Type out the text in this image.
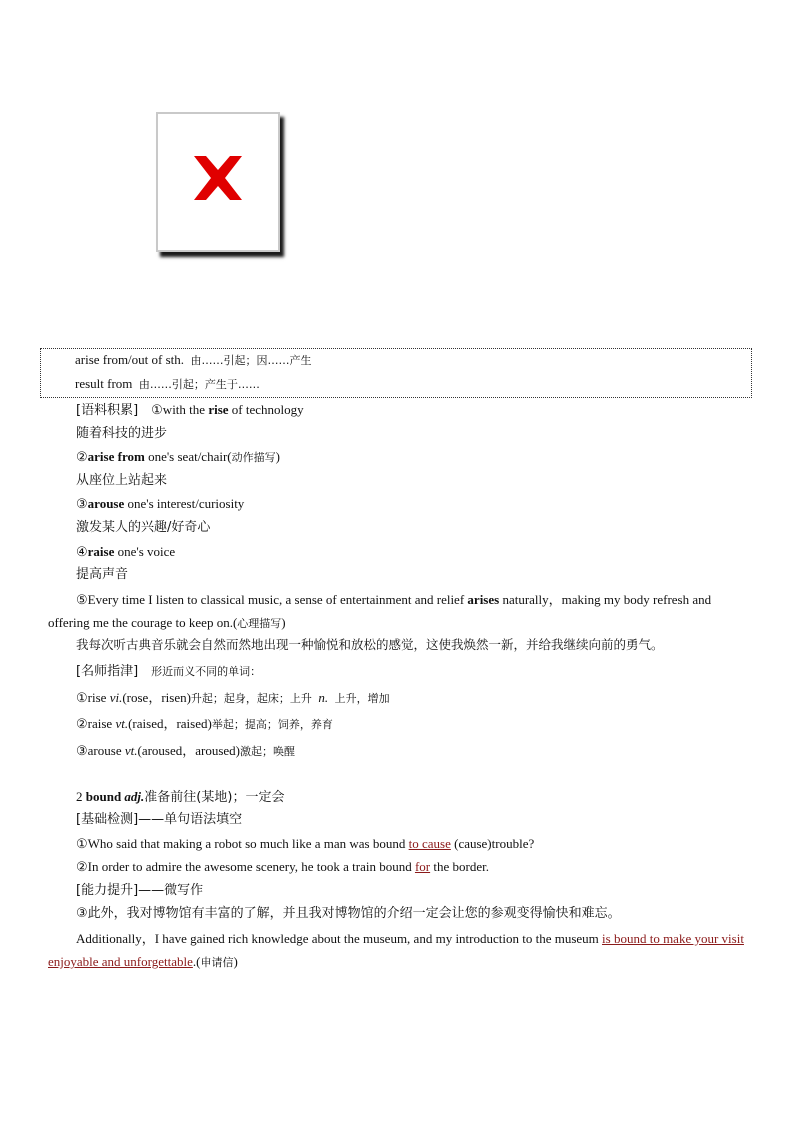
arise from/out of sth. 由……引起；因……产生
result from 由……引起；产生于……
[语料积累] ①with the rise of technology
随着科技的进步
②arise from one's seat/chair(动作描写)
从座位上站起来
③arouse one's interest/curiosity
激发某人的兴趣/好奇心
④raise one's voice
提高声音
⑤Every time I listen to classical music, a sense of entertainment and relief arises naturally，making my body refresh and offering me the courage to keep on.(心理描写)
我每次听古典音乐就会自然而然地出现一种愉悦和放松的感觉，这使我焕然一新，并给我继续向前的勇气。
[名师指津] 形近而义不同的单词：
①rise vi.(rose，risen)升起；起身，起床；上升 n. 上升，增加
②raise vt.(raised，raised)举起；提高；饲养，养育
③arouse vt.(aroused，aroused)激起；唤醒
2 bound adj.准备前往(某地)；一定会
[基础检测]——单句语法填空
①Who said that making a robot so much like a man was bound to cause (cause)trouble?
②In order to admire the awesome scenery, he took a train bound for the border.
[能力提升]——微写作
③此外，我对博物馆有丰富的了解，并且我对博物馆的介绍一定会让您的参观变得愉快和难忘。
Additionally，I have gained rich knowledge about the museum, and my introduction to the museum is bound to make your visit enjoyable and unforgettable.(申请信)
